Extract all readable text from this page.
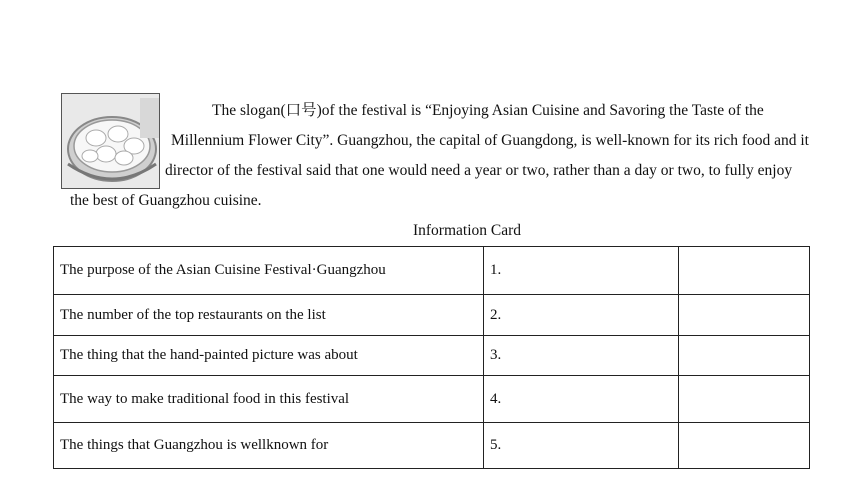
The slogan(口号)of the festival is “Enjoying Asian Cuisine and Savoring the Taste of the
Millennium Flower City”. Guangzhou, the capital of Guangdong, is well-known for its rich food and it
director of the festival said that one would need a year or two, rather than a day or two, to fully enjoy
the best of Guangzhou cuisine.
Information Card
The purpose of the Asian Cuisine Festival·Guangzhou	1.	
The number of the top restaurants on the list	2.	
The thing that the hand-painted picture was about	3.	
The way to make traditional food in this festival	4.	
The things that Guangzhou is wellknown for	5.	
